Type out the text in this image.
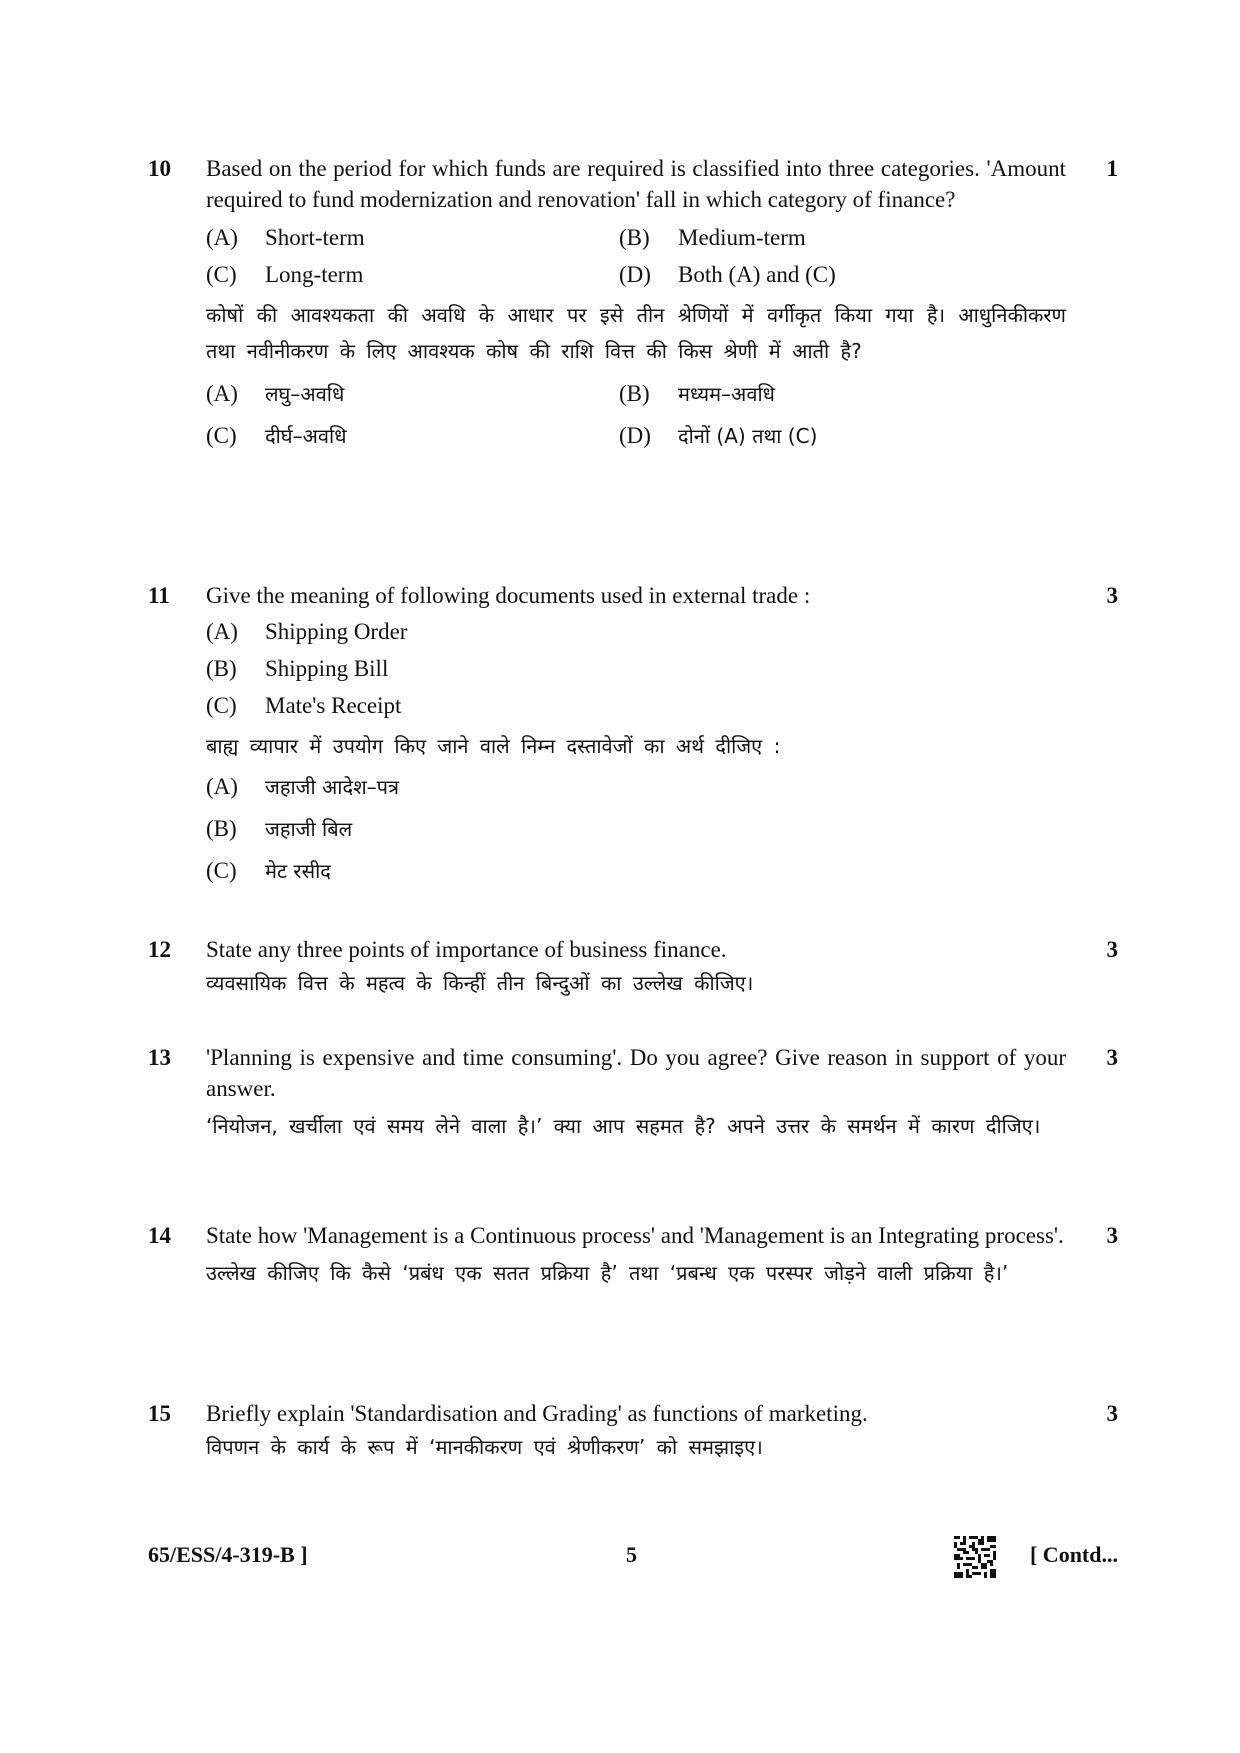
10	1

Based on the period for which funds are required is classified into three categories. 'Amount required to fund modernization and renovation' fall in which category of finance?

(A)	Short-term	(B)	Medium-term
(C)	Long-term	(D)	Both (A) and (C)

कोषों की आवश्यकता की अवधि के आधार पर इसे तीन श्रेणियों में वर्गीकृत किया गया है। आधुनिकीकरण तथा नवीनीकरण के लिए आवश्यक कोष की राशि वित्त की किस श्रेणी में आती है?

(A)	लघु–अवधि	(B)	मध्यम–अवधि
(C)	दीर्घ–अवधि	(D)	दोनों (A) तथा (C)
11	3

Give the meaning of following documents used in external trade :

(A)	Shipping Order
(B)	Shipping Bill
(C)	Mate's Receipt

बाह्य व्यापार में उपयोग किए जाने वाले निम्न दस्तावेजों का अर्थ दीजिए :

(A)	जहाजी आदेश–पत्र
(B)	जहाजी बिल
(C)	मेट रसीद
12	3

State any three points of importance of business finance.

व्यवसायिक वित्त के महत्व के किन्हीं तीन बिन्दुओं का उल्लेख कीजिए।

13	3

'Planning is expensive and time consuming'. Do you agree? Give reason in support of your answer.

‘नियोजन, खर्चीला एवं समय लेने वाला है।’ क्या आप सहमत है? अपने उत्तर के समर्थन में कारण दीजिए।

14	3

State how 'Management is a Continuous process' and 'Management is an Integrating process'.

उल्लेख कीजिए कि कैसे ‘प्रबंध एक सतत प्रक्रिया है’ तथा ‘प्रबन्ध एक परस्पर जोड़ने वाली प्रक्रिया है।’

15	3

Briefly explain 'Standardisation and Grading' as functions of marketing.

विपणन के कार्य के रूप में ‘मानकीकरण एवं श्रेणीकरण’ को समझाइए।

65/ESS/4-319-B ]	5	[ Contd...
